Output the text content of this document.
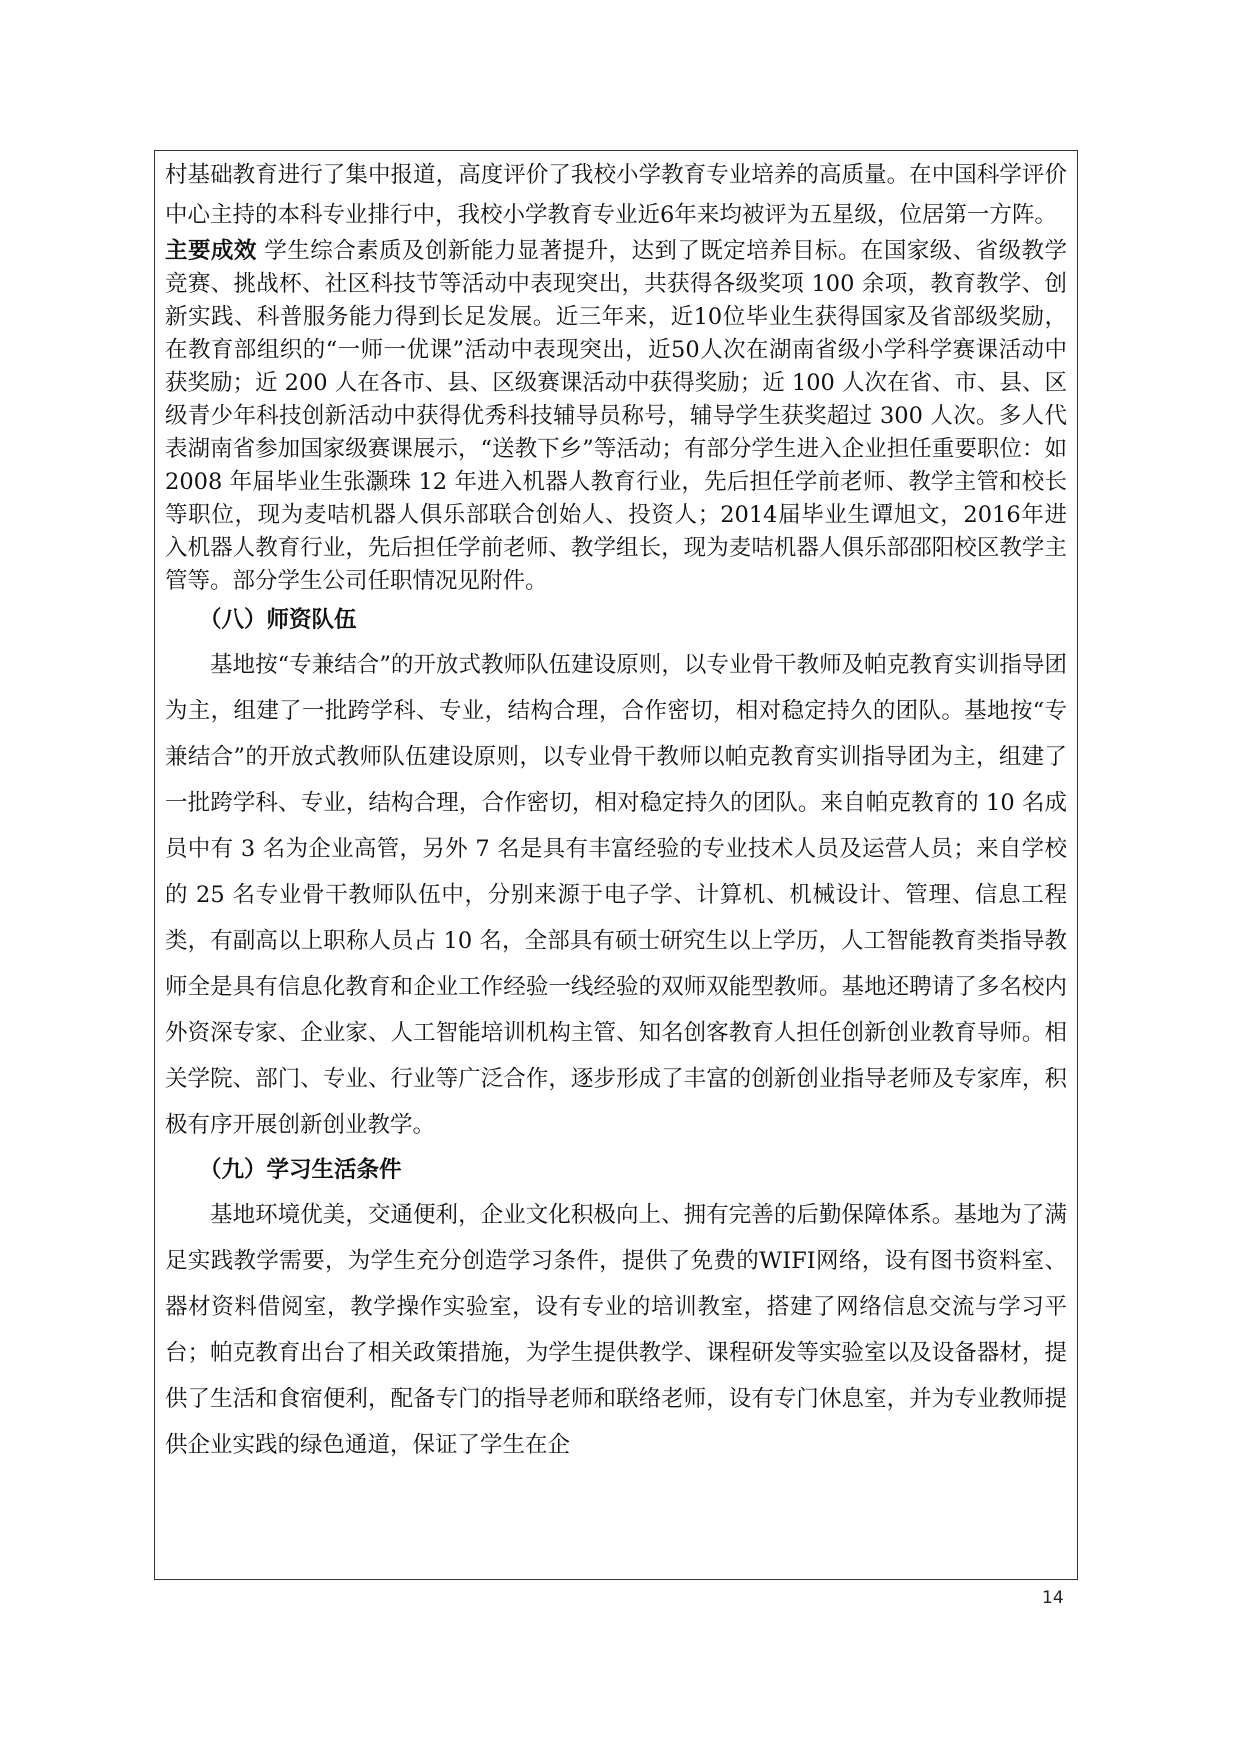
村基础教育进行了集中报道，高度评价了我校小学教育专业培养的高质量。在中国科学评价中心主持的本科专业排行中，我校小学教育专业近6年来均被评为五星级，位居第一方阵。

主要成效 学生综合素质及创新能力显著提升，达到了既定培养目标。在国家级、省级教学竞赛、挑战杯、社区科技节等活动中表现突出，共获得各级奖项 100 余项，教育教学、创新实践、科普服务能力得到长足发展。近三年来，近10位毕业生获得国家及省部级奖励，在教育部组织的“一师一优课”活动中表现突出，近50人次在湖南省级小学科学赛课活动中获奖励；近 200 人在各市、县、区级赛课活动中获得奖励；近 100 人次在省、市、县、区级青少年科技创新活动中获得优秀科技辅导员称号，辅导学生获奖超过 300 人次。多人代表湖南省参加国家级赛课展示，“送教下乡”等活动；有部分学生进入企业担任重要职位：如 2008 年届毕业生张灏珠 12 年进入机器人教育行业，先后担任学前老师、教学主管和校长等职位，现为麦咭机器人俱乐部联合创始人、投资人；2014届毕业生谭旭文，2016年进入机器人教育行业，先后担任学前老师、教学组长，现为麦咭机器人俱乐部邵阳校区教学主管等。部分学生公司任职情况见附件。

（八）师资队伍

基地按“专兼结合”的开放式教师队伍建设原则，以专业骨干教师及帕克教育实训指导团为主，组建了一批跨学科、专业，结构合理，合作密切，相对稳定持久的团队。基地按“专兼结合”的开放式教师队伍建设原则，以专业骨干教师以帕克教育实训指导团为主，组建了一批跨学科、专业，结构合理，合作密切，相对稳定持久的团队。来自帕克教育的 10 名成员中有 3 名为企业高管，另外 7 名是具有丰富经验的专业技术人员及运营人员；来自学校的 25 名专业骨干教师队伍中，分别来源于电子学、计算机、机械设计、管理、信息工程类，有副高以上职称人员占 10 名，全部具有硕士研究生以上学历，人工智能教育类指导教师全是具有信息化教育和企业工作经验一线经验的双师双能型教师。基地还聘请了多名校内外资深专家、企业家、人工智能培训机构主管、知名创客教育人担任创新创业教育导师。相关学院、部门、专业、行业等广泛合作，逐步形成了丰富的创新创业指导老师及专家库，积极有序开展创新创业教学。

（九）学习生活条件

基地环境优美，交通便利，企业文化积极向上、拥有完善的后勤保障体系。基地为了满足实践教学需要，为学生充分创造学习条件，提供了免费的WIFI网络，设有图书资料室、器材资料借阅室，教学操作实验室，设有专业的培训教室，搭建了网络信息交流与学习平台；帕克教育出台了相关政策措施，为学生提供教学、课程研发等实验室以及设备器材，提供了生活和食宿便利，配备专门的指导老师和联络老师，设有专门休息室，并为专业教师提供企业实践的绿色通道，保证了学生在企

14
